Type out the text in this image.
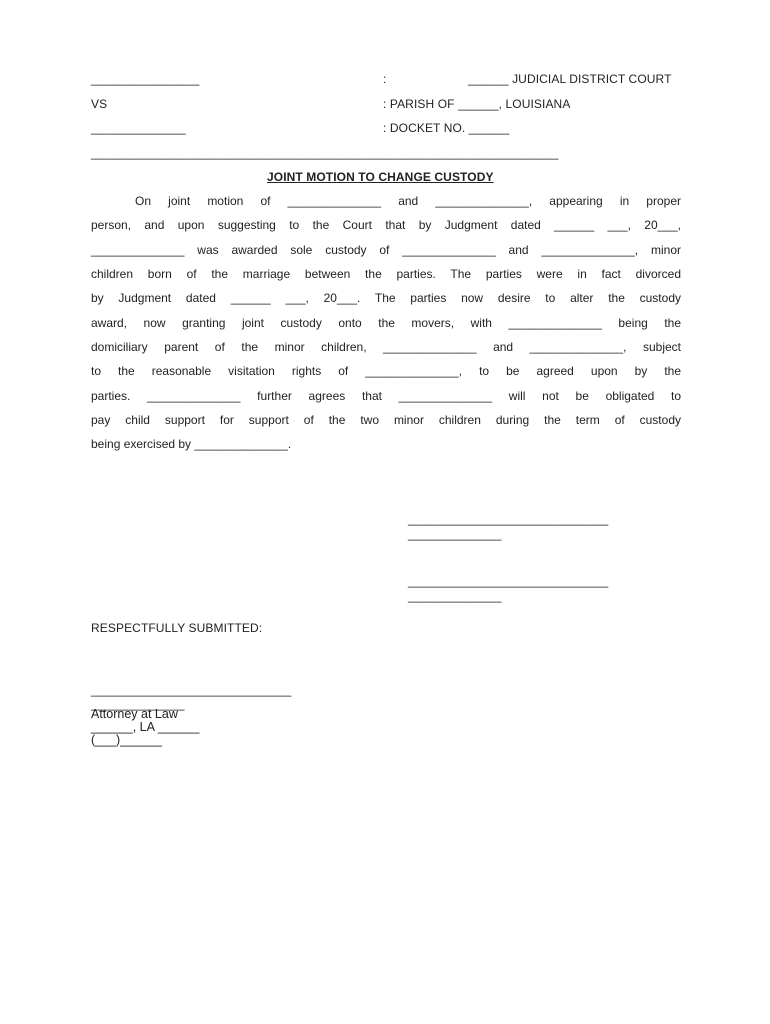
________________	:	______ JUDICIAL DISTRICT COURT
VS	: PARISH OF ______, LOUISIANA
______________	: DOCKET NO. ______
_____________________________________________________________________
JOINT MOTION TO CHANGE CUSTODY
On joint motion of ______________ and ______________, appearing in proper
person, and upon suggesting to the Court that by Judgment dated ______ ___, 20___,
______________ was awarded sole custody of ______________ and ______________, minor
children born of the marriage between the parties. The parties were in fact divorced
by Judgment dated ______ ___, 20___. The parties now desire to alter the custody
award, now granting joint custody onto the movers, with ______________ being the
domiciliary parent of the minor children, ______________ and ______________, subject
to the reasonable visitation rights of ______________, to be agreed upon by the
parties. ______________ further agrees that ______________ will not be obligated to
pay child support for support of the two minor children during the term of custody
being exercised by ______________.
______________________________
______________
______________________________
______________
RESPECTFULLY SUBMITTED:
______________________________
______________
Attorney at Law
______, LA ______
(___)______
